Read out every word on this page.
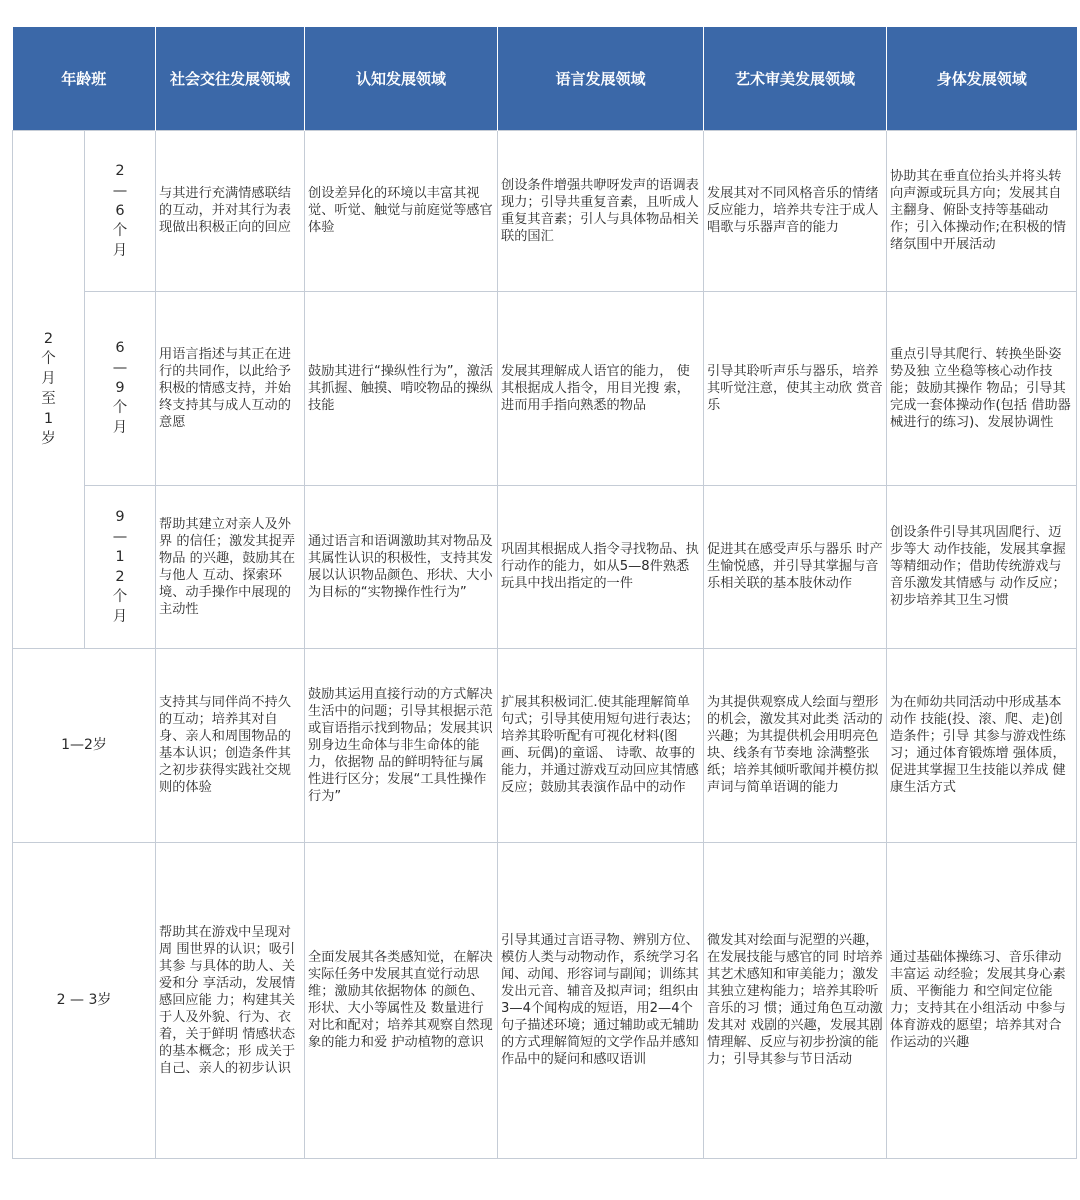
年龄班		社会交往发展领域	认知发展领域	语言发展领域	艺术审美发展领域	身体发展领域
2个月至1岁	2—6个月	与其进行充满情感联结的互动，并对其行为表现做出积极正向的回应	创设差异化的环境以丰富其视觉、听觉、触觉与前庭觉等感官体验	创设条件增强共咿呀发声的语调表现力；引导共重复音素，且听成人重复其音素；引人与具体物品相关联的国汇	发展其对不同风格音乐的情绪反应能力，培养共专注于成人唱歌与乐器声音的能力	协助其在垂直位抬头并将头转向声源或玩具方向；发展其自主翻身、俯卧支持等基础动作；引入体操动作;在积极的情绪氛围中开展活动
	6—9个月	用语言指述与其正在进行的共同作，以此给予积极的情感支持，并始终支持其与成人互动的意愿	鼓励其进行“操纵性行为”，激活其抓握、触摸、啃咬物品的操纵技能	发展其理解成人语官的能力， 使其根据成人指令，用目光搜 索，进而用手指向熟悉的物品	引导其聆听声乐与器乐，培养其听觉注意，使其主动欣 赏音乐	重点引导其爬行、转换坐卧姿势及独 立坐稳等核心动作技能；鼓励其操作 物品；引导其完成一套体操动作(包括 借助器械进行的练习)、发展协调性
	9—12个月	帮助其建立对亲人及外界 的信任；激发其捉弄物品 的兴趣，鼓励其在与他人 互动、探索环境、动手操作中展现的主动性	通过语言和语调激助其对物品及其属性认识的积极性，支持其发展以认识物品颜色、形状、大小为目标的“实物操作性行为”	巩固其根据成人指令寻找物品、执行动作的能力，如从5—8件熟悉玩具中找出指定的一件	促进其在感受声乐与器乐 时产生愉悦感，并引导其掌掘与音乐相关联的基本肢休动作	创设条件引导其巩固爬行、迈步等大 动作技能，发展其拿握等精细动作；借助传统游戏与音乐激发其情感与 动作反应；初步培养其卫生习惯
1—2岁		支持其与同伴尚不持久的互动；培养其对自身、亲人和周围物品的基本认识；创造条件其之初步获得实践社交规则的体验	鼓励其运用直接行动的方式解决生活中的问题；引导其根据示范或盲语指示找到物品；发展其识别身边生命体与非生命体的能力，依据物 品的鲜明特征与属性进行区分；发展“工具性操作行为”	扩展其积极词汇.使其能理解简单句式；引导其使用短句进行表达；培养其聆听配有可视化材料(图画、玩偶)的童谣、 诗歌、故事的能力，并通过游戏互动回应其情感反应；鼓励其表演作品中的动作	为其提供观察成人绘面与塑形的机会，激发其对此类 活动的兴趣；为其提供机会用明亮色块、线条有节奏地 涂满整张纸；培养其倾听歌闻并模仿拟声词与简单语调的能力	为在师幼共同活动中形成基本动作 技能(投、滚、爬、走)创造条件；引导 其参与游戏性练习；通过体育锻炼增 强体质，促进其掌握卫生技能以养成 健康生活方式
2 — 3岁		帮助其在游戏中呈现对周 围世界的认识；吸引其参 与具体的助人、关爱和分 享活动，发展情感回应能 力；构建其关于人及外貌、行为、衣着，关于鲜明 情感状态的基本概念；形 成关于自己、亲人的初步认识	全面发展其各类感知觉，在解决实际任务中发展其直觉行动思维；激励其依据物体 的颜色、形状、大小等属性及 数量进行对比和配对；培养其观察自然现象的能力和爱 护动植物的意识	引导其通过言语寻物、辨别方位、模仿人类与动物动作，系统学习名闻、动闻、形容词与副闻；训练其发出元音、辅音及拟声词；组织由3—4个闻构成的短语，用2—4个句子描述环境；通过辅助或无辅助的方式理解简短的文学作品并感知作品中的疑问和感叹语训	微发其对绘面与泥塑的兴趣，在发展技能与感官的同 时培养其艺术感知和审美能力；激发其独立建构能力；培养其聆听音乐的习 惯；通过角色互动激发其对 戏剧的兴趣，发展其剧情理解、反应与初步扮演的能 力；引导其参与节日活动	通过基础体操练习、音乐律动丰富运 动经验；发展其身心素质、平衡能力 和空间定位能力；支持其在小组活动 中参与体育游戏的愿望；培养其对合 作运动的兴趣
